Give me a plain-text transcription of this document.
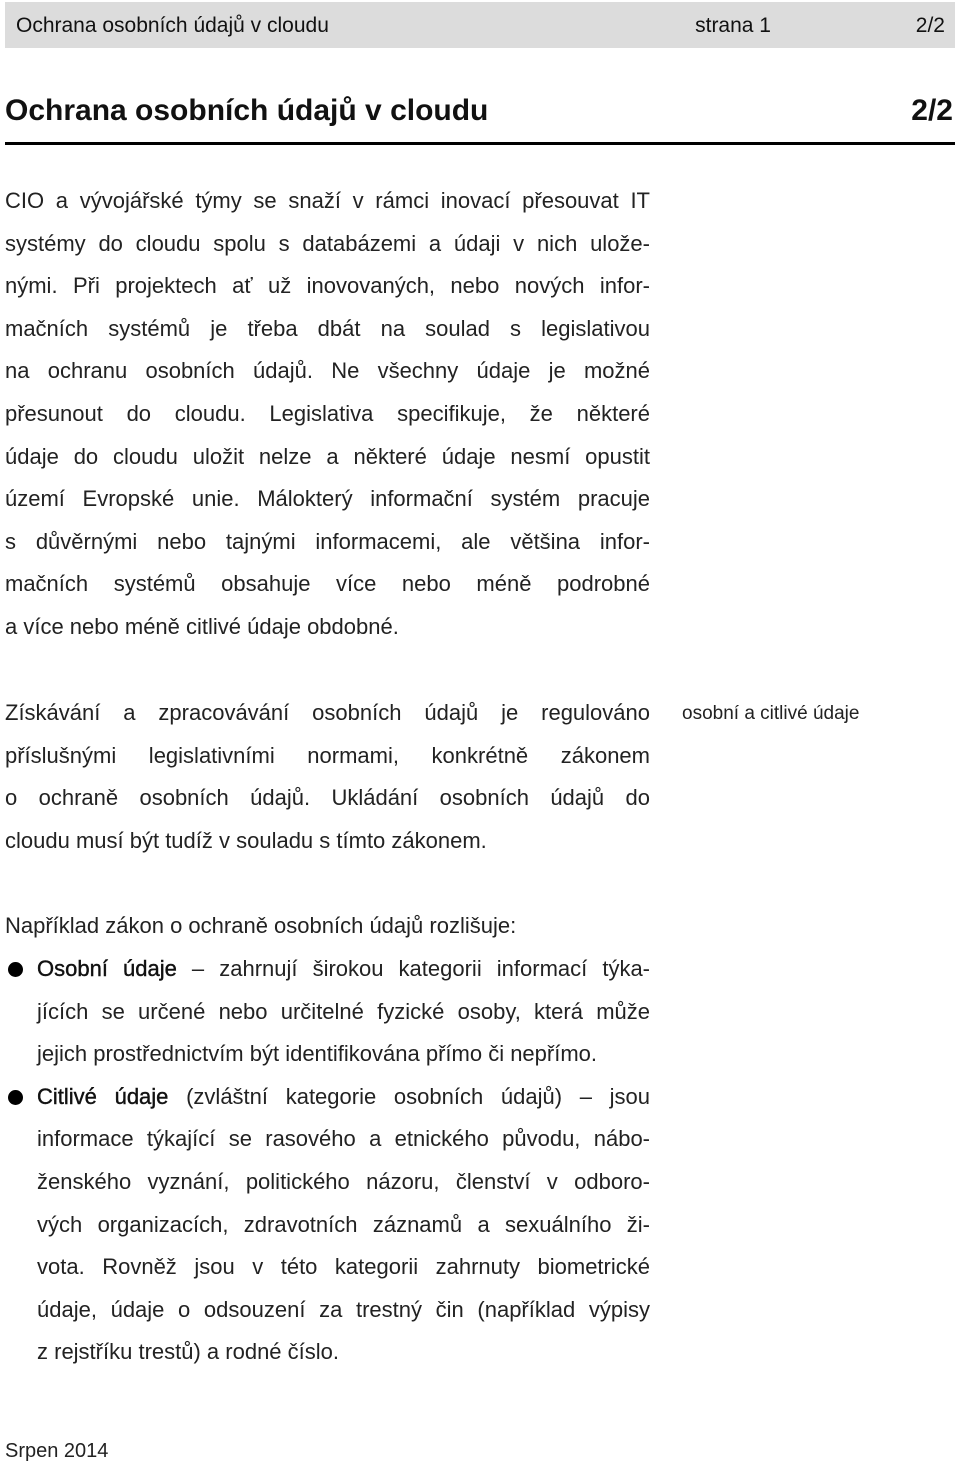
Ochrana osobních údajů v cloudu	strana 1	2/2
Ochrana osobních údajů v cloudu	2/2
CIO a vývojářské týmy se snaží v rámci inovací přesouvat IT
systémy do cloudu spolu s databázemi a údaji v nich ulože-
nými. Při projektech ať už inovovaných, nebo nových infor-
mačních systémů je třeba dbát na soulad s legislativou
na ochranu osobních údajů. Ne všechny údaje je možné
přesunout do cloudu. Legislativa specifikuje, že některé
údaje do cloudu uložit nelze a některé údaje nesmí opustit
území Evropské unie. Málokterý informační systém pracuje
s důvěrnými nebo tajnými informacemi, ale většina infor-
mačních systémů obsahuje více nebo méně podrobné
a více nebo méně citlivé údaje obdobné.
Získávání a zpracovávání osobních údajů je regulováno
příslušnými legislativními normami, konkrétně zákonem
o ochraně osobních údajů. Ukládání osobních údajů do
cloudu musí být tudíž v souladu s tímto zákonem.
osobní a citlivé údaje
Například zákon o ochraně osobních údajů rozlišuje:
Osobní údaje – zahrnují širokou kategorii informací týka-
jících se určené nebo určitelné fyzické osoby, která může
jejich prostřednictvím být identifikována přímo či nepřímo.
Citlivé údaje (zvláštní kategorie osobních údajů) – jsou
informace týkající se rasového a etnického původu, nábo-
ženského vyznání, politického názoru, členství v odboro-
vých organizacích, zdravotních záznamů a sexuálního ži-
vota. Rovněž jsou v této kategorii zahrnuty biometrické
údaje, údaje o odsouzení za trestný čin (například výpisy
z rejstříku trestů) a rodné číslo.
Srpen 2014
